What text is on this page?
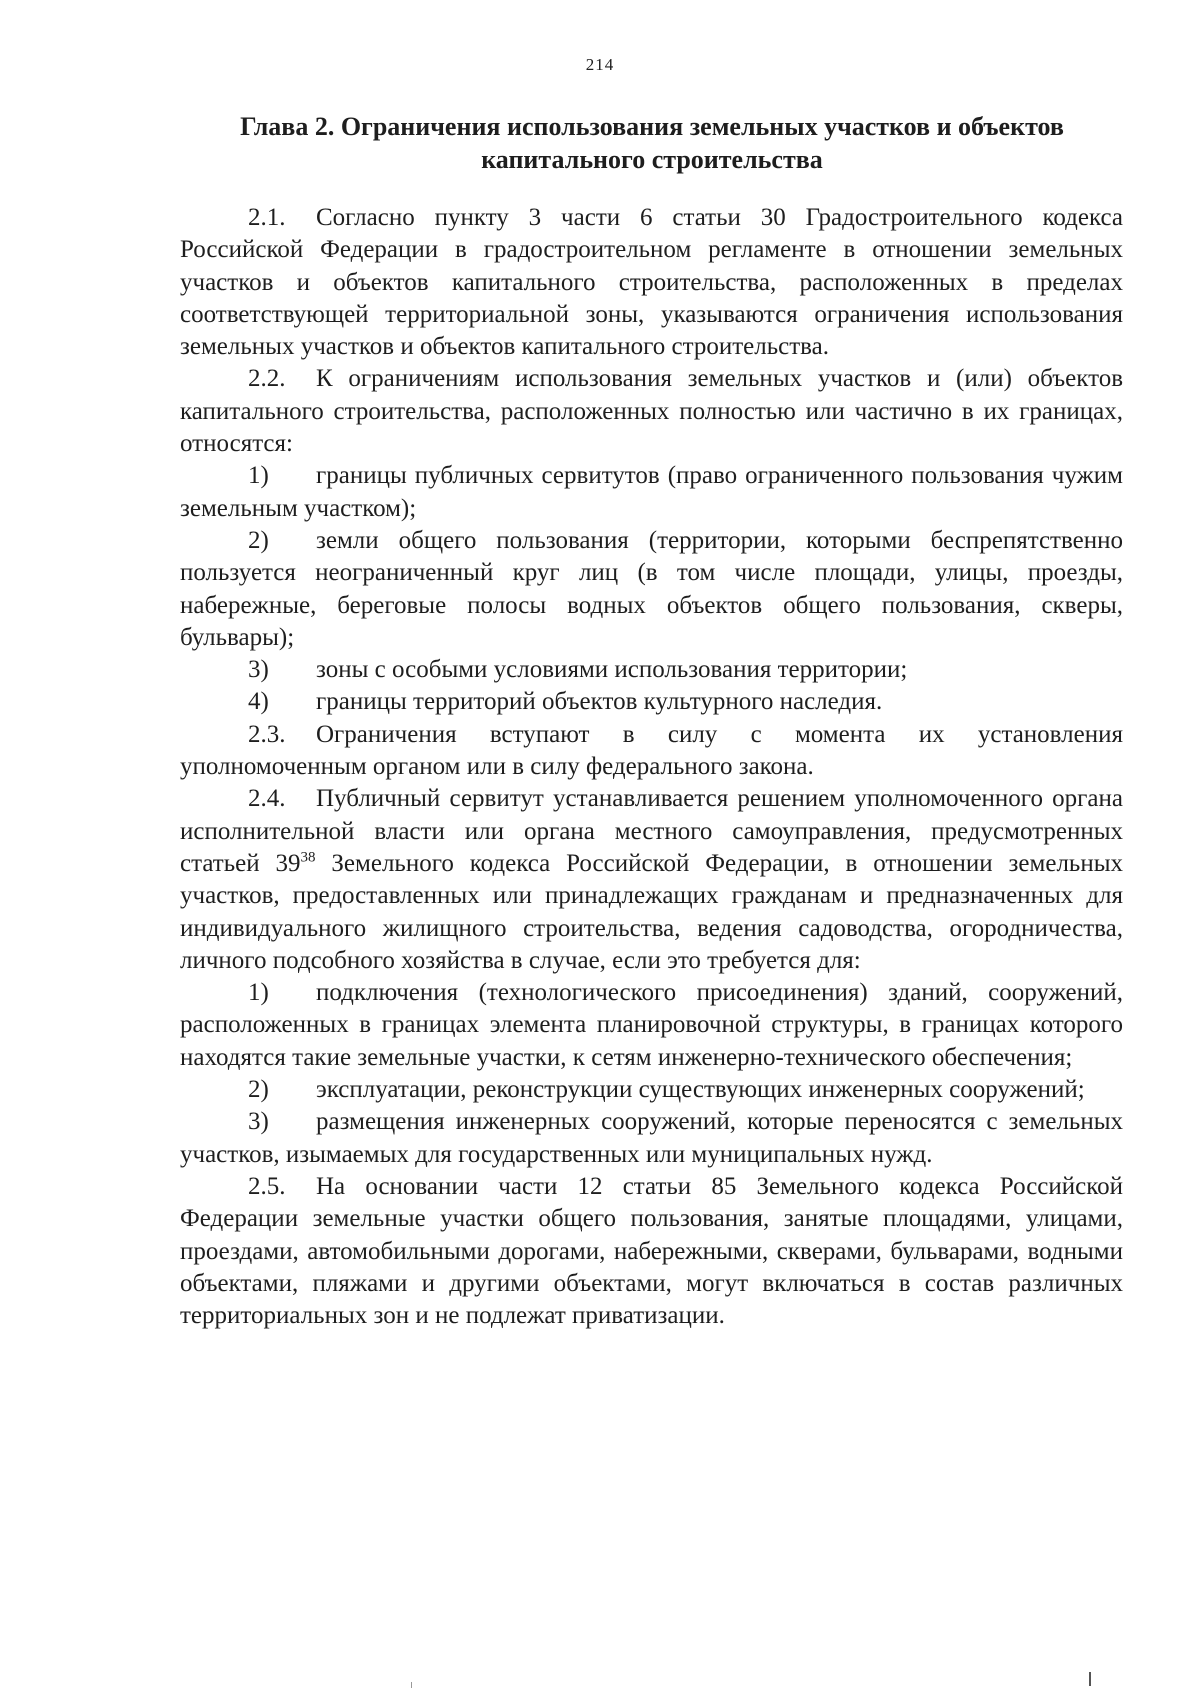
214
Глава 2. Ограничения использования земельных участков и объектов капитального строительства

2.1. Согласно пункту 3 части 6 статьи 30 Градостроительного кодекса Российской Федерации в градостроительном регламенте в отношении земельных участков и объектов капитального строительства, расположенных в пределах соответствующей территориальной зоны, указываются ограничения использования земельных участков и объектов капитального строительства.

2.2. К ограничениям использования земельных участков и (или) объектов капитального строительства, расположенных полностью или частично в их границах, относятся:

1) границы публичных сервитутов (право ограниченного пользования чужим земельным участком);

2) земли общего пользования (территории, которыми беспрепятственно пользуется неограниченный круг лиц (в том числе площади, улицы, проезды, набережные, береговые полосы водных объектов общего пользования, скверы, бульвары);

3) зоны с особыми условиями использования территории;

4) границы территорий объектов культурного наследия.

2.3. Ограничения вступают в силу с момента их установления уполномоченным органом или в силу федерального закона.

2.4. Публичный сервитут устанавливается решением уполномоченного органа исполнительной власти или органа местного самоуправления, предусмотренных статьей $39^{38}$ Земельного кодекса Российской Федерации, в отношении земельных участков, предоставленных или принадлежащих гражданам и предназначенных для индивидуального жилищного строительства, ведения садоводства, огородничества, личного подсобного хозяйства в случае, если это требуется для:

1) подключения (технологического присоединения) зданий, сооружений, расположенных в границах элемента планировочной структуры, в границах которого находятся такие земельные участки, к сетям инженерно-технического обеспечения;

2) эксплуатации, реконструкции существующих инженерных сооружений;

3) размещения инженерных сооружений, которые переносятся с земельных участков, изымаемых для государственных или муниципальных нужд.

2.5. На основании части 12 статьи 85 Земельного кодекса Российской Федерации земельные участки общего пользования, занятые площадями, улицами, проездами, автомобильными дорогами, набережными, скверами, бульварами, водными объектами, пляжами и другими объектами, могут включаться в состав различных территориальных зон и не подлежат приватизации.
